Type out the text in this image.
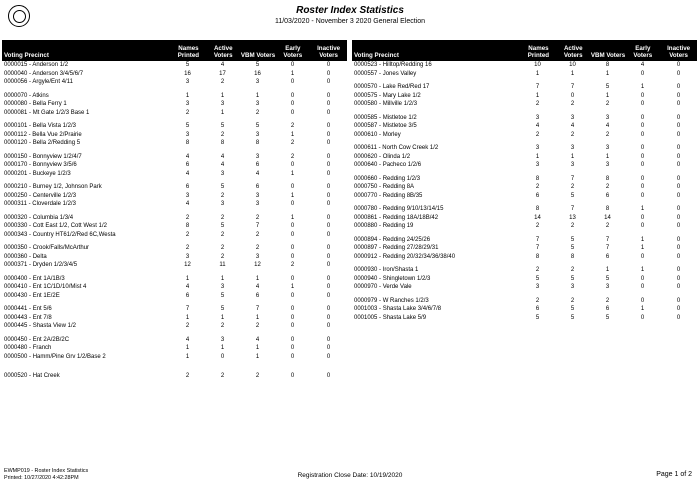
Roster Index Statistics
11/03/2020 - November 3 2020 General Election
Voting Precinct
Names Printed
Active Voters	VBM Voters
Early Voters
Inactive Voters
0000015 - Anderson 1/2	5	4	5	0	0
0000040 - Anderson 3/4/5/6/7	16	17	16	1	0
0000056 - Argyle/Ent 4/11	3	2	3	0	0
0000070 - Atkins	1	1	1	0	0
0000080 - Bella Ferry 1	3	3	3	0	0
0000081 - Mt Gate 1/2/3 Base 1	2	1	2	0	0
0000101 - Bella Vista 1/2/3	5	5	5	2	0
0000112 - Bella Vue 2/Prairie	3	2	3	1	0
0000120 - Bella 2/Redding 5	8	8	8	2	0
0000150 - Bonnyview 1/2/4/7	4	4	3	2	0
0000170 - Bonnyview 3/5/6	6	4	6	0	0
0000201 - Buckeye 1/2/3	4	3	4	1	0
0000210 - Burney 1/2, Johnson Park	6	5	6	0	0
0000250 - Centerville 1/2/3	3	2	3	1	0
0000311 - Cloverdale 1/2/3	4	3	3	0	0
0000320 - Columbia 1/3/4	2	2	2	1	0
0000330 - Cott East 1/2, Cott West 1/2	8	5	7	0	0
0000343 - Country HT61/2/Red 6C,Westa	2	2	2	0	0
0000350 - Crook/Falls/McArthur	2	2	2	0	0
0000360 - Delta	3	2	3	0	0
0000371 - Dryden 1/2/3/4/5	12	11	12	2	0
0000400 - Ent 1A/1B/3	1	1	1	0	0
0000410 - Ent 1C/1D/10/Mist 4	4	3	4	1	0
0000430 - Ent 1E/2E	6	5	6	0	0
0000441 - Ent 5/6	7	5	7	0	0
0000443 - Ent 7/8	1	1	1	0	0
0000445 - Shasta View 1/2	2	2	2	0	0
0000450 - Ent 2A/2B/2C	4	3	4	0	0
0000480 - Franch	1	1	1	0	0
0000500 - Hamm/Pine Grv 1/2/Base 2	1	0	1	0	0
0000520 - Hat Creek	2	2	2	0	0
Voting Precinct
Names Printed
Active Voters	VBM Voters
Early Voters
Inactive Voters
0000523 - Hilltop/Redding 16	10	10	8	4	0
0000557 - Jones Valley	1	1	1	0	0
0000570 - Lake Red/Red 17	7	7	5	1	0
0000575 - Mary Lake 1/2	1	0	1	0	0
0000580 - Millville 1/2/3	2	2	2	0	0
0000585 - Mistletoe 1/2	3	3	3	0	0
0000587 - Mistletoe 3/5	4	4	4	0	0
0000610 - Morley	2	2	2	0	0
0000611 - North Cow Creek 1/2	3	3	3	0	0
0000620 - Olinda 1/2	1	1	1	0	0
0000640 - Pacheco 1/2/6	3	3	3	0	0
0000660 - Redding 1/2/3	8	7	8	0	0
0000750 - Redding 8A	2	2	2	0	0
0000770 - Redding 8B/35	6	5	6	0	0
0000780 - Redding 9/10/13/14/15	8	7	8	1	0
0000861 - Redding 18A/18B/42	14	13	14	0	0
0000880 - Redding 19	2	2	2	0	0
0000894 - Redding 24/25/26	7	5	7	1	0
0000897 - Redding 27/28/29/31	7	5	7	1	0
0000912 - Redding 20/32/34/36/38/40	8	8	6	0	0
0000930 - Iron/Shasta 1	2	2	1	1	0
0000940 - Shingletown 1/2/3	5	5	5	0	0
0000970 - Verde Vale	3	3	3	0	0
0000979 - W Ranches 1/2/3	2	2	2	0	0
0001003 - Shasta Lake 3/4/6/7/8	6	5	6	1	0
0001005 - Shasta Lake 5/9	5	5	5	0	0
EWMP019 - Roster Index Statistics
Printed: 10/27/2020 4:42:28PM	Registration Close Date: 10/19/2020	Page 1 of 2
